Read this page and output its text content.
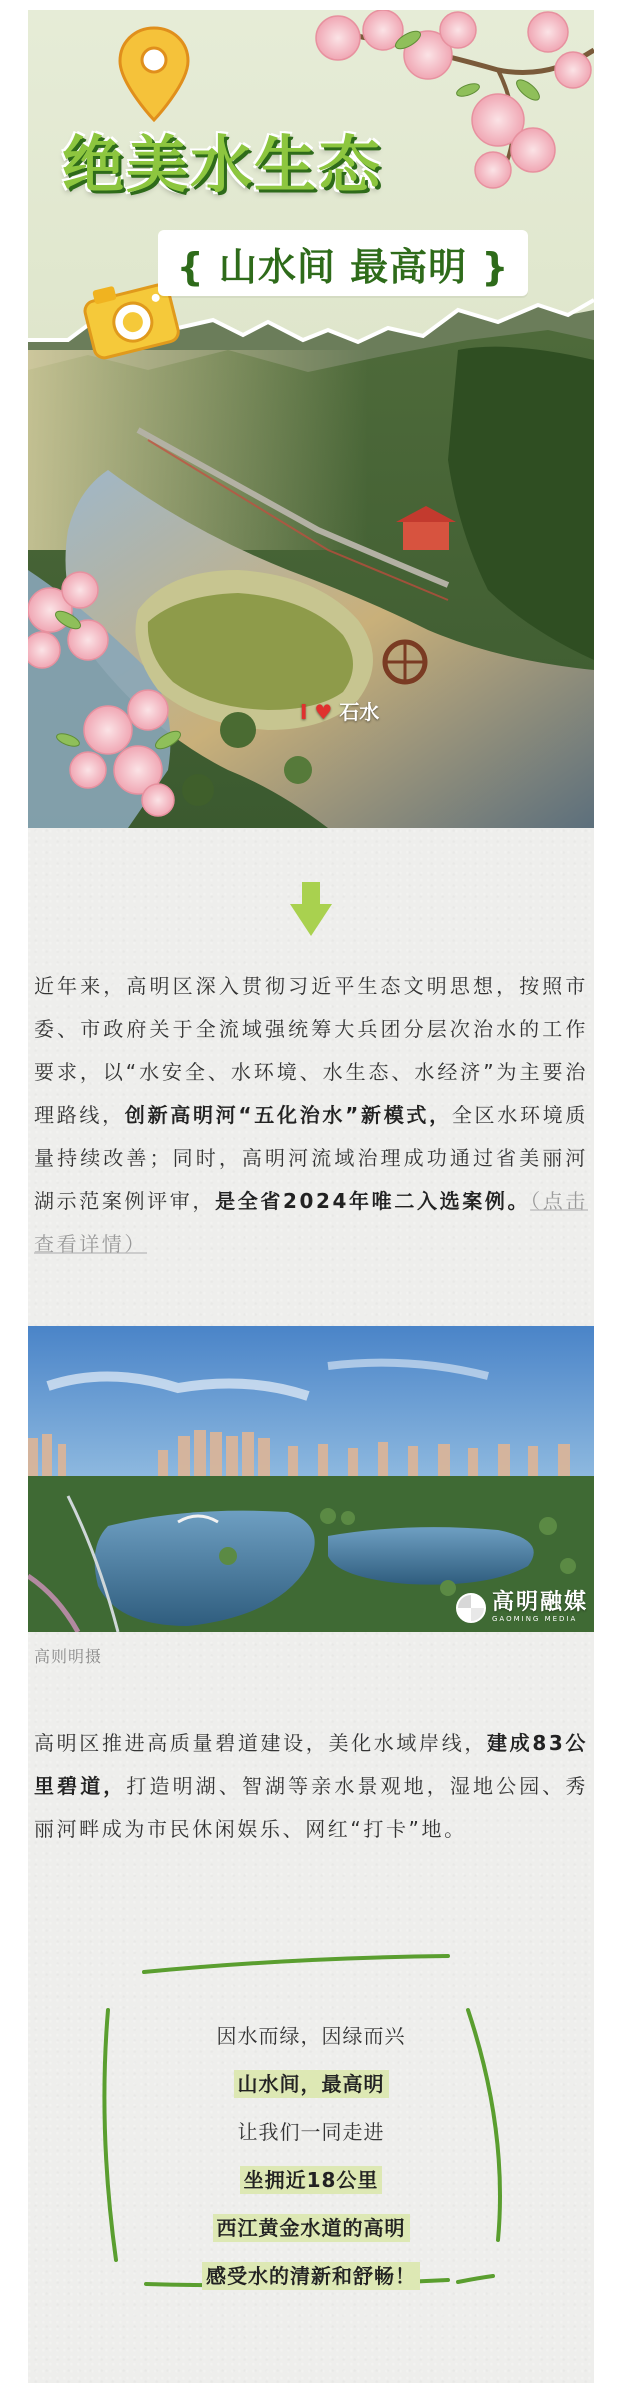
绝美水生态
{ 山水间 最高明 }
I ♥ 石水
近年来，高明区深入贯彻习近平生态文明思想，按照市委、市政府关于全流域强统筹大兵团分层次治水的工作要求，以“水安全、水环境、水生态、水经济”为主要治理路线，创新高明河“五化治水”新模式，全区水环境质量持续改善；同时，高明河流域治理成功通过省美丽河湖示范案例评审，是全省2024年唯二入选案例。（点击查看详情）
高明融媒
GAOMING MEDIA
高则明摄
高明区推进高质量碧道建设，美化水域岸线，建成83公里碧道，打造明湖、智湖等亲水景观地，湿地公园、秀丽河畔成为市民休闲娱乐、网红“打卡”地。
因水而绿，因绿而兴
山水间，最高明
让我们一同走进
坐拥近18公里
西江黄金水道的高明
感受水的清新和舒畅！
